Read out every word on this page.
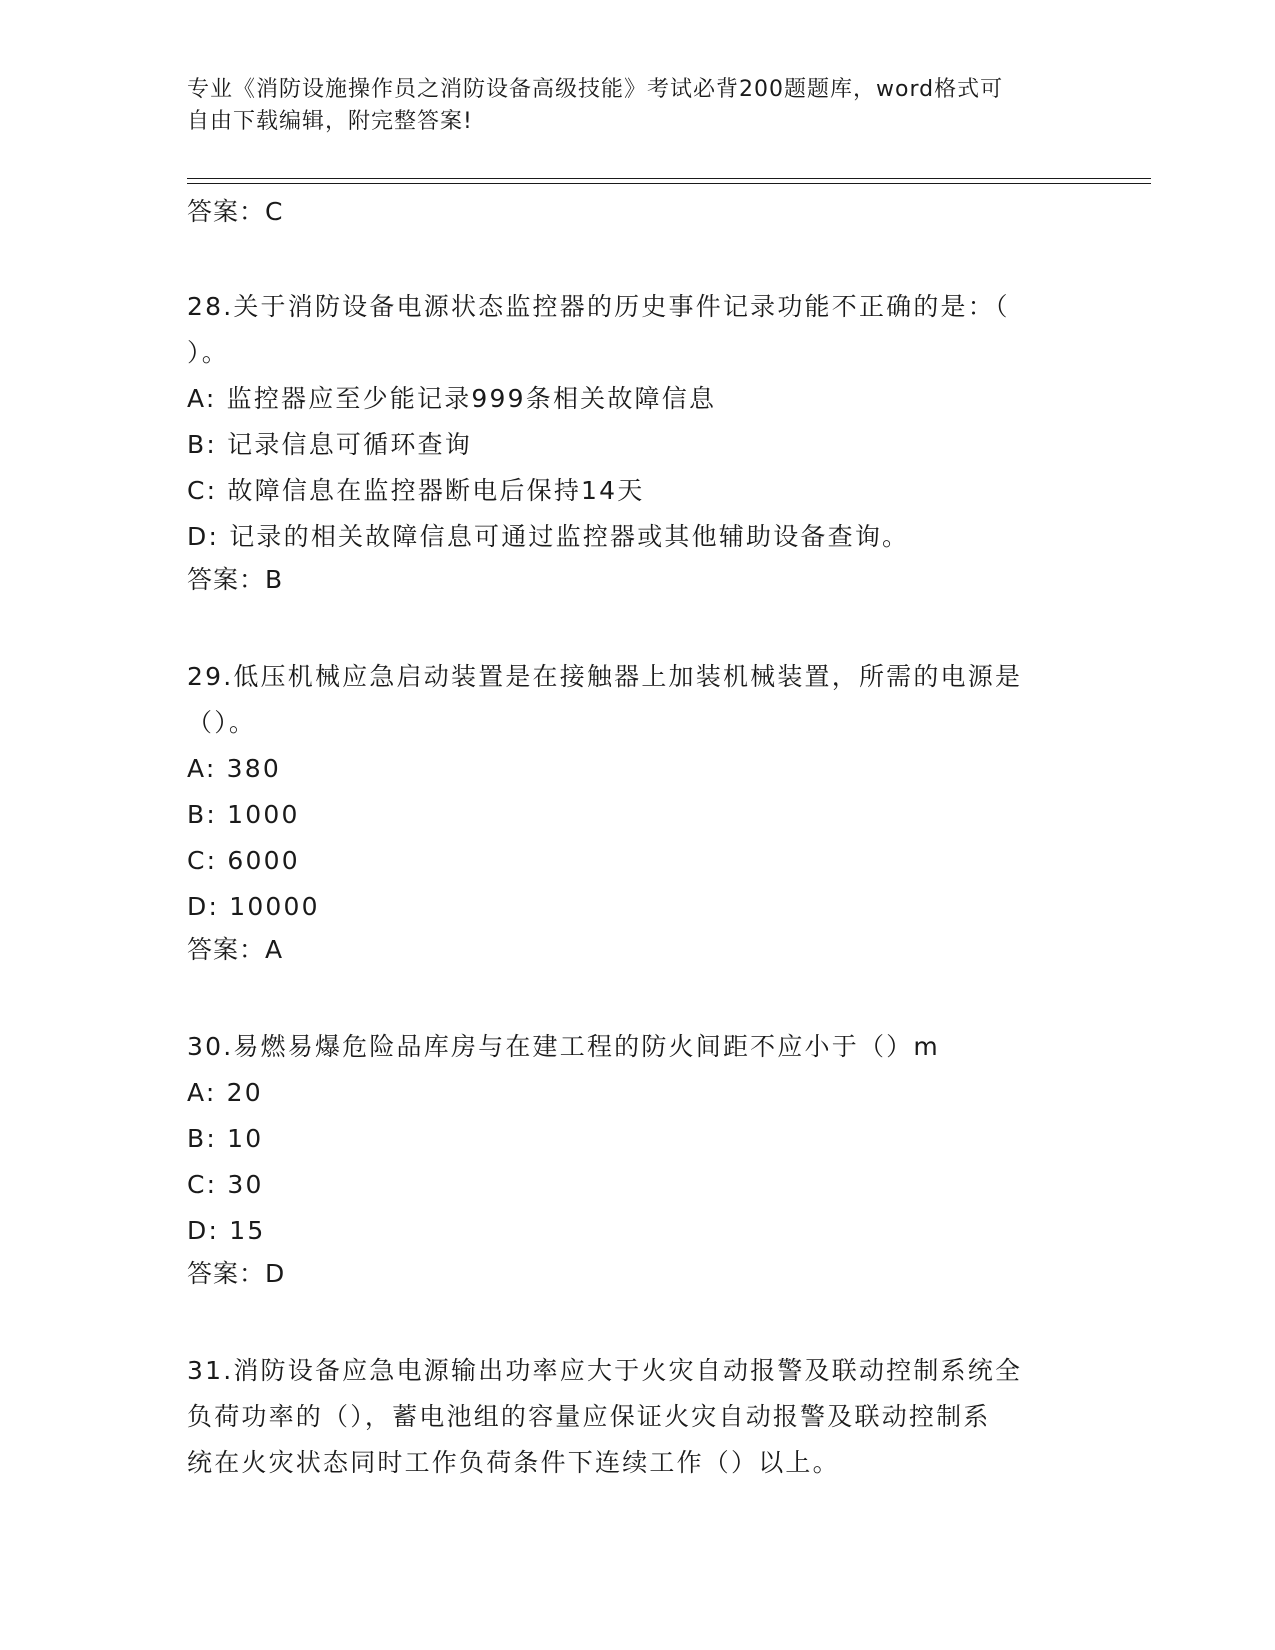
专业《消防设施操作员之消防设备高级技能》考试必背200题题库，word格式可
自由下载编辑，附完整答案!
答案：C
28.关于消防设备电源状态监控器的历史事件记录功能不正确的是：（
）。
A: 监控器应至少能记录999条相关故障信息
B: 记录信息可循环查询
C: 故障信息在监控器断电后保持14天
D: 记录的相关故障信息可通过监控器或其他辅助设备查询。
答案：B
29.低压机械应急启动装置是在接触器上加装机械装置，所需的电源是
（）。
A: 380
B: 1000
C: 6000
D: 10000
答案：A
30.易燃易爆危险品库房与在建工程的防火间距不应小于（）m
A: 20
B: 10
C: 30
D: 15
答案：D
31.消防设备应急电源输出功率应大于火灾自动报警及联动控制系统全
负荷功率的（），蓄电池组的容量应保证火灾自动报警及联动控制系
统在火灾状态同时工作负荷条件下连续工作（）以上。
